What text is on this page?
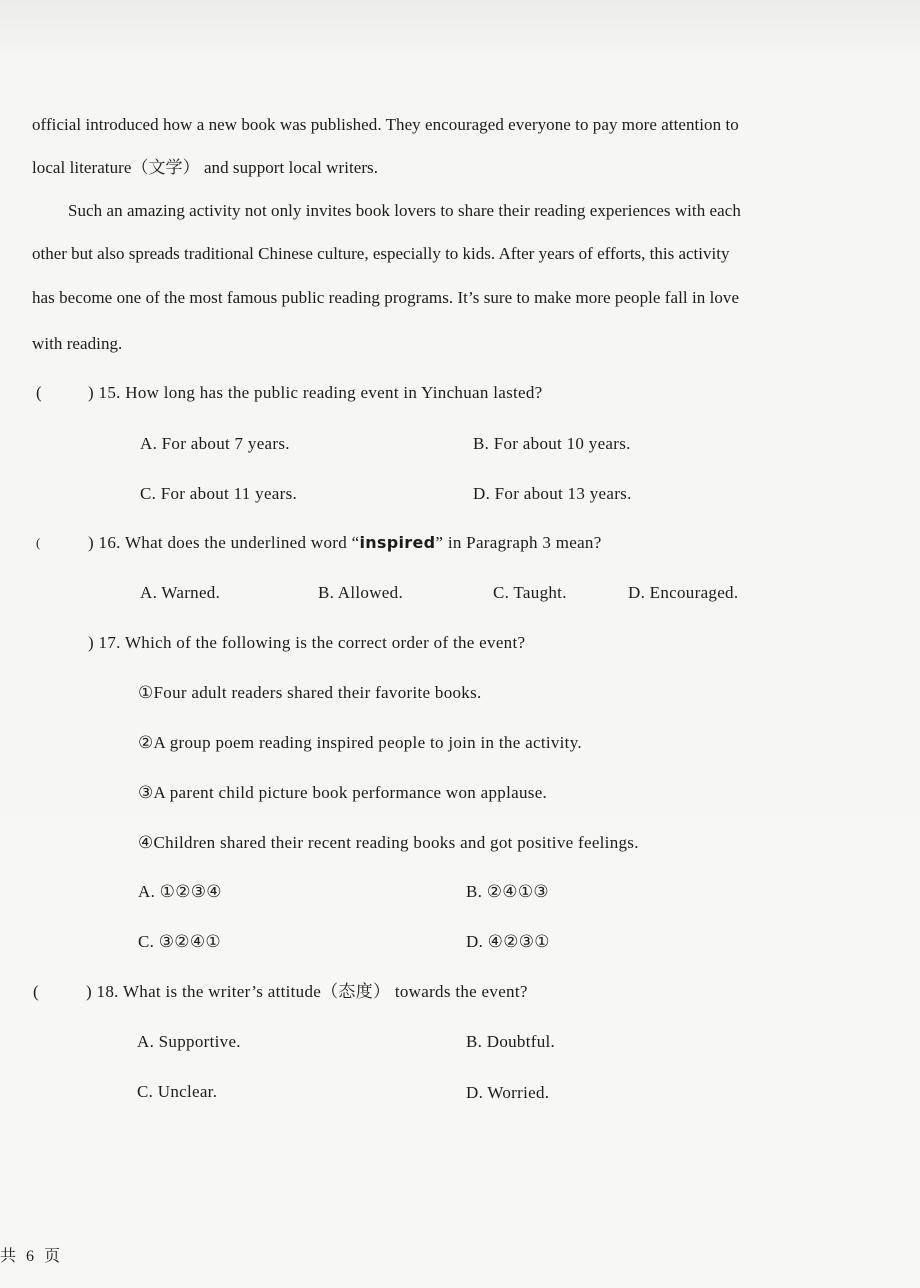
official introduced how a new book was published. They encouraged everyone to pay more attention to
local literature（文学） and support local writers.
Such an amazing activity not only invites book lovers to share their reading experiences with each
other but also spreads traditional Chinese culture, especially to kids. After years of efforts, this activity
has become one of the most famous public reading programs. It’s sure to make more people fall in love
with reading.
(	) 15. How long has the public reading event in Yinchuan lasted?
A. For about 7 years.	B. For about 10 years.
C. For about 11 years.	D. For about 13 years.
(	) 16. What does the underlined word “inspired” in Paragraph 3 mean?
A. Warned.	B. Allowed.	C. Taught.	D. Encouraged.
) 17. Which of the following is the correct order of the event?
①Four adult readers shared their favorite books.
②A group poem reading inspired people to join in the activity.
③A parent child picture book performance won applause.
④Children shared their recent reading books and got positive feelings.
A. ①②③④	B. ②④①③
C. ③②④①	D. ④②③①
(	) 18. What is the writer’s attitude（态度） towards the event?
A. Supportive.	B. Doubtful.
C. Unclear.	D. Worried.
共 6 页
